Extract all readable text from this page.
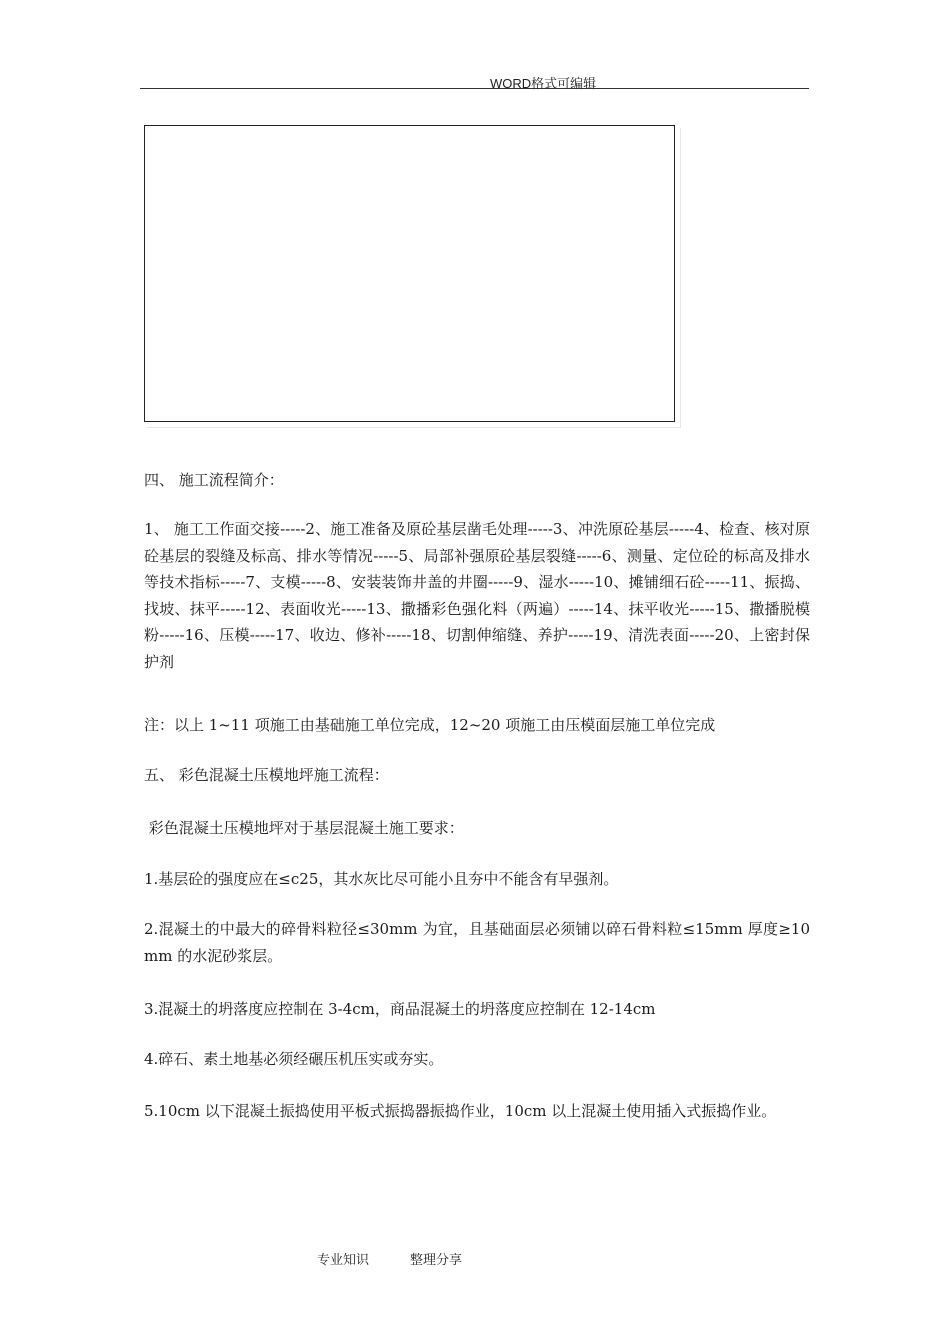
WORD格式可编辑
四、 施工流程简介：
1、 施工工作面交接-----2、施工准备及原砼基层凿毛处理-----3、冲洗原砼基层-----4、检查、核对原砼基层的裂缝及标高、排水等情况-----5、局部补强原砼基层裂缝-----6、测量、定位砼的标高及排水等技术指标-----7、支模-----8、安装装饰井盖的井圈-----9、湿水-----10、摊铺细石砼-----11、振捣、找坡、抹平-----12、表面收光-----13、撒播彩色强化料（两遍）-----14、抹平收光-----15、撒播脱模粉-----16、压模-----17、收边、修补-----18、切割伸缩缝、养护-----19、清洗表面-----20、上密封保护剂
注：以上 1~11 项施工由基础施工单位完成，12~20 项施工由压模面层施工单位完成
五、 彩色混凝土压模地坪施工流程：
彩色混凝土压模地坪对于基层混凝土施工要求：
1.基层砼的强度应在≤c25，其水灰比尽可能小且夯中不能含有早强剂。
2.混凝土的中最大的碎骨料粒径≤30mm 为宜，且基础面层必须铺以碎石骨料粒≤15mm 厚度≥10mm 的水泥砂浆层。
3.混凝土的坍落度应控制在 3-4cm，商品混凝土的坍落度应控制在 12-14cm
4.碎石、素土地基必须经碾压机压实或夯实。
5.10cm 以下混凝土振捣使用平板式振捣器振捣作业，10cm 以上混凝土使用插入式振捣作业。
专业知识	整理分享
